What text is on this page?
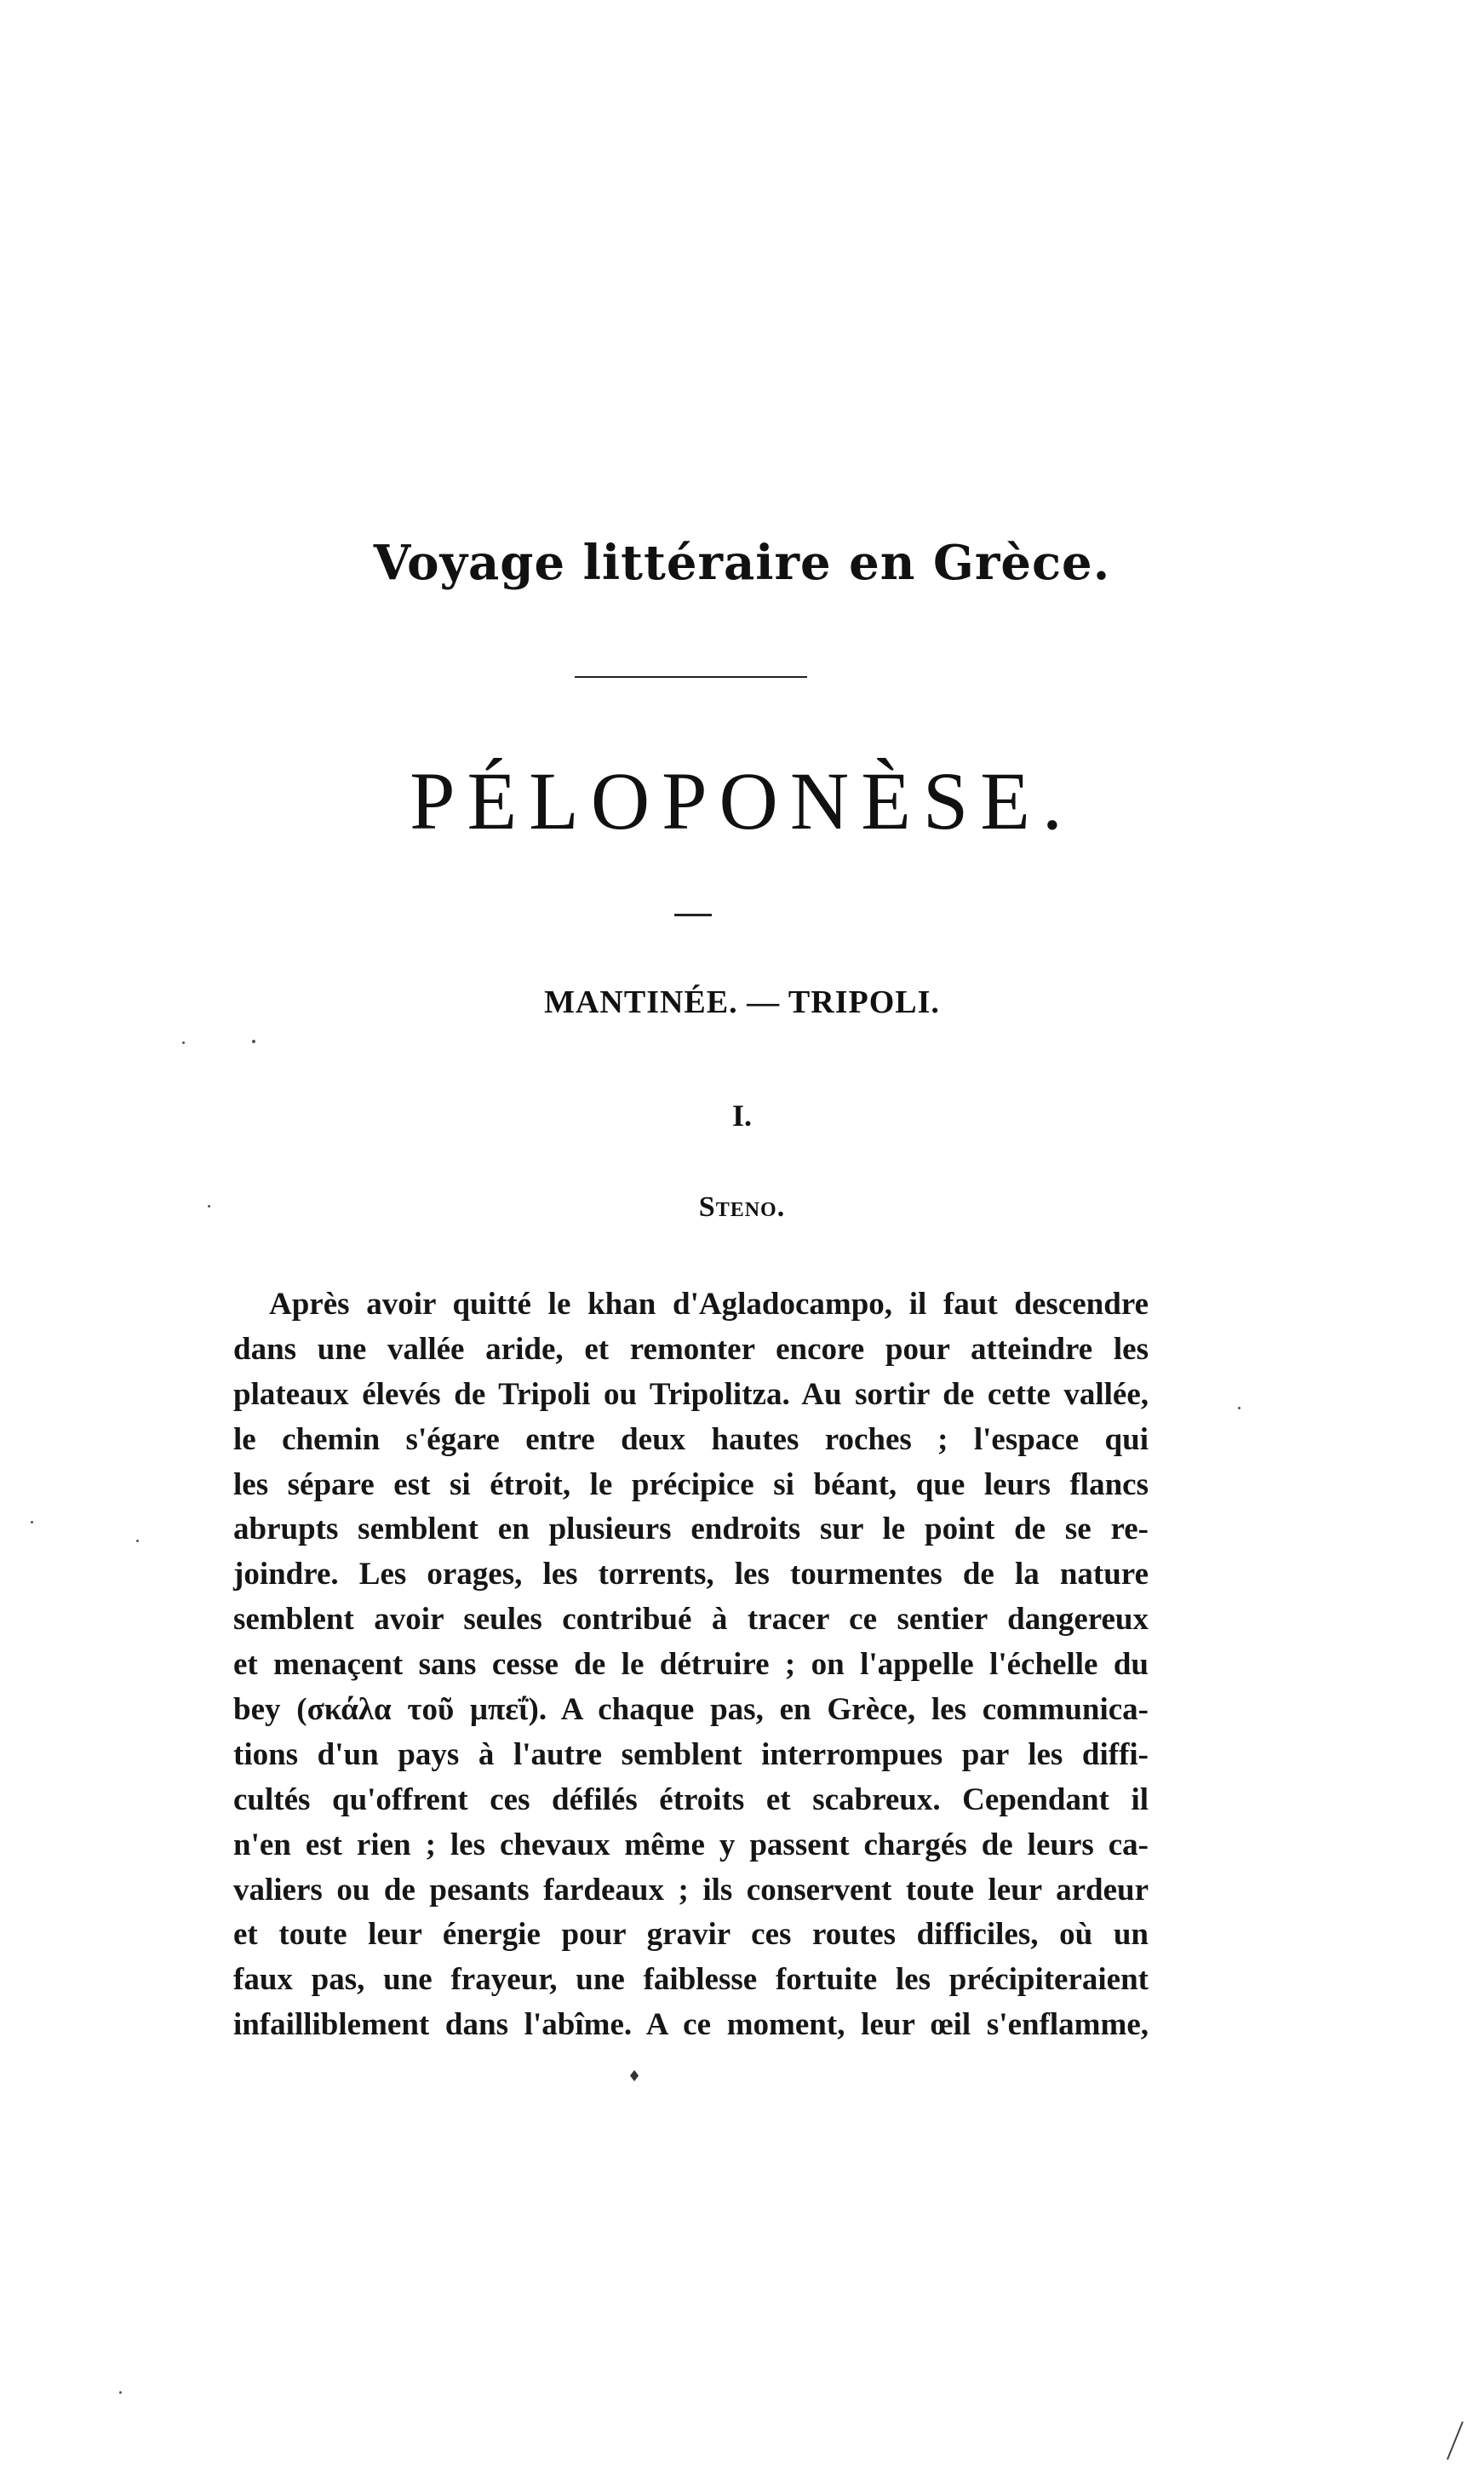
Voyage littéraire en Grèce.
PÉLOPONÈSE.
MANTINÉE. — TRIPOLI.
I.
Steno.
Après avoir quitté le khan d'Agladocampo, il faut descendre
dans une vallée aride, et remonter encore pour atteindre les
plateaux élevés de Tripoli ou Tripolitza. Au sortir de cette vallée,
le chemin s'égare entre deux hautes roches ; l'espace qui
les sépare est si étroit, le précipice si béant, que leurs flancs
abrupts semblent en plusieurs endroits sur le point de se re-
joindre. Les orages, les torrents, les tourmentes de la nature
semblent avoir seules contribué à tracer ce sentier dangereux
et menaçent sans cesse de le détruire ; on l'appelle l'échelle du
bey (σκάλα τοῦ μπεΐ). A chaque pas, en Grèce, les communica-
tions d'un pays à l'autre semblent interrompues par les diffi-
cultés qu'offrent ces défilés étroits et scabreux. Cependant il
n'en est rien ; les chevaux même y passent chargés de leurs ca-
valiers ou de pesants fardeaux ; ils conservent toute leur ardeur
et toute leur énergie pour gravir ces routes difficiles, où un
faux pas, une frayeur, une faiblesse fortuite les précipiteraient
infailliblement dans l'abîme. A ce moment, leur œil s'enflamme,
♦
